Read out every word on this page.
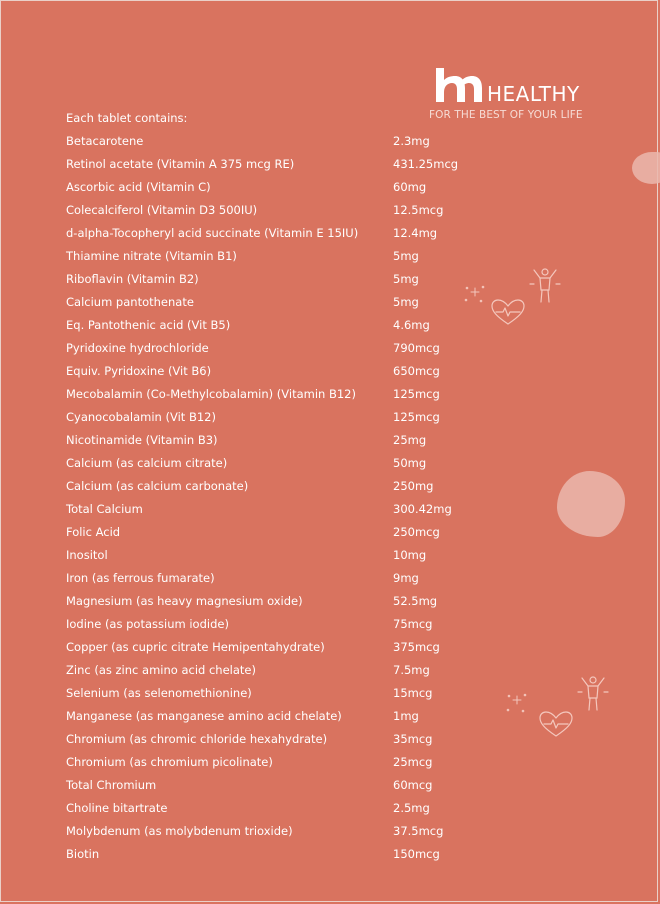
HEALTHY
FOR THE BEST OF YOUR LIFE
Each tablet contains:
Betacarotene	2.3mg
Retinol acetate (Vitamin A 375 mcg RE)	431.25mcg
Ascorbic acid (Vitamin C)	60mg
Colecalciferol (Vitamin D3 500IU)	12.5mcg
d-alpha-Tocopheryl acid succinate (Vitamin E 15IU)	12.4mg
Thiamine nitrate (Vitamin B1)	5mg
Riboflavin (Vitamin B2)	5mg
Calcium pantothenate	5mg
Eq. Pantothenic acid (Vit B5)	4.6mg
Pyridoxine hydrochloride	790mcg
Equiv. Pyridoxine (Vit B6)	650mcg
Mecobalamin (Co-Methylcobalamin) (Vitamin B12)	125mcg
Cyanocobalamin (Vit B12)	125mcg
Nicotinamide (Vitamin B3)	25mg
Calcium (as calcium citrate)	50mg
Calcium (as calcium carbonate)	250mg
Total Calcium	300.42mg
Folic Acid	250mcg
Inositol	10mg
Iron (as ferrous fumarate)	9mg
Magnesium (as heavy magnesium oxide)	52.5mg
Iodine (as potassium iodide)	75mcg
Copper (as cupric citrate Hemipentahydrate)	375mcg
Zinc (as zinc amino acid chelate)	7.5mg
Selenium (as selenomethionine)	15mcg
Manganese (as manganese amino acid chelate)	1mg
Chromium (as chromic chloride hexahydrate)	35mcg
Chromium (as chromium picolinate)	25mcg
Total Chromium	60mcg
Choline bitartrate	2.5mg
Molybdenum (as molybdenum trioxide)	37.5mcg
Biotin	150mcg
